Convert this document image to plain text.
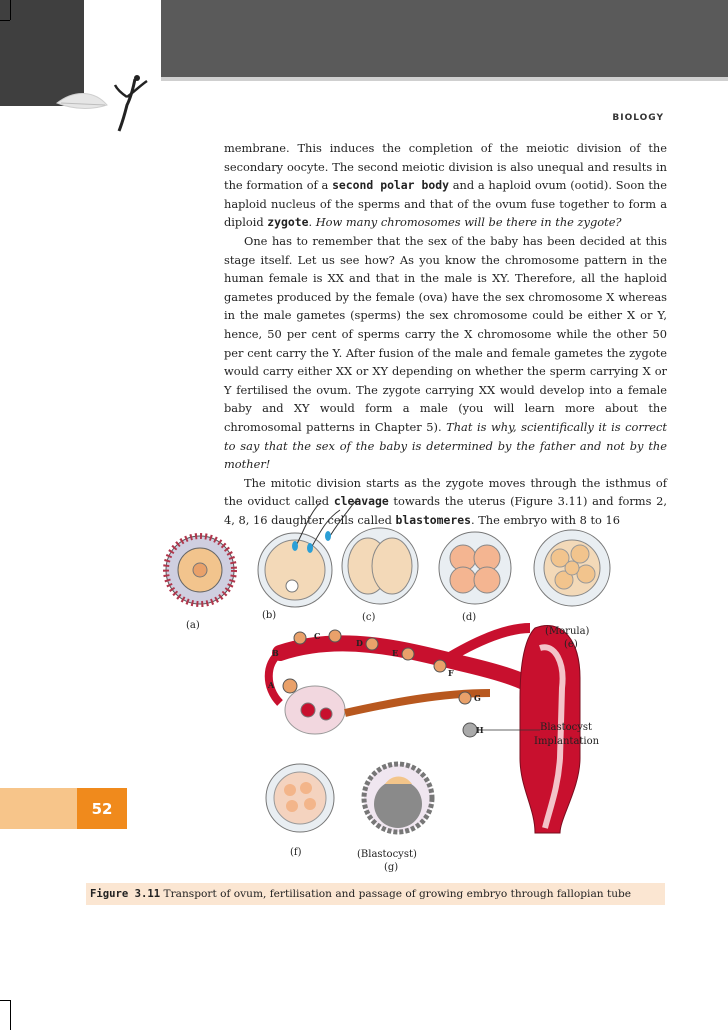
BIOLOGY

membrane. This induces the completion of the meiotic division of the secondary oocyte. The second meiotic division is also unequal and results in the formation of a second polar body and a haploid ovum (ootid). Soon the haploid nucleus of the sperms and that of the ovum fuse together to form a diploid zygote. How many chromosomes will be there in the zygote?

One has to remember that the sex of the baby has been decided at this stage itself. Let us see how? As you know the chromosome pattern in the human female is XX and that in the male is XY. Therefore, all the haploid gametes produced by the female (ova) have the sex chromosome X whereas in the male gametes (sperms) the sex chromosome could be either X or Y, hence, 50 per cent of sperms carry the X chromosome while the other 50 per cent carry the Y. After fusion of the male and female gametes the zygote would carry either XX or XY depending on whether the sperm carrying X or Y fertilised the ovum. The zygote carrying XX would develop into a female baby and XY would form a male (you will learn more about the chromosomal patterns in Chapter 5). That is why, scientifically it is correct to say that the sex of the baby is determined by the father and not by the mother!

The mitotic division starts as the zygote moves through the isthmus of the oviduct called cleavage towards the uterus (Figure 3.11) and forms 2, 4, 8, 16 daughter cells called blastomeres. The embryo with 8 to 16

(a)
(b)	(c)	(d)
(Morula)
(e)
(f)	(Blastocyst)
(g)
Blastocyst
Implantation
A
B
C
D
E
F
G
H
52
Figure 3.11 Transport of ovum, fertilisation and passage of growing embryo through fallopian tube
